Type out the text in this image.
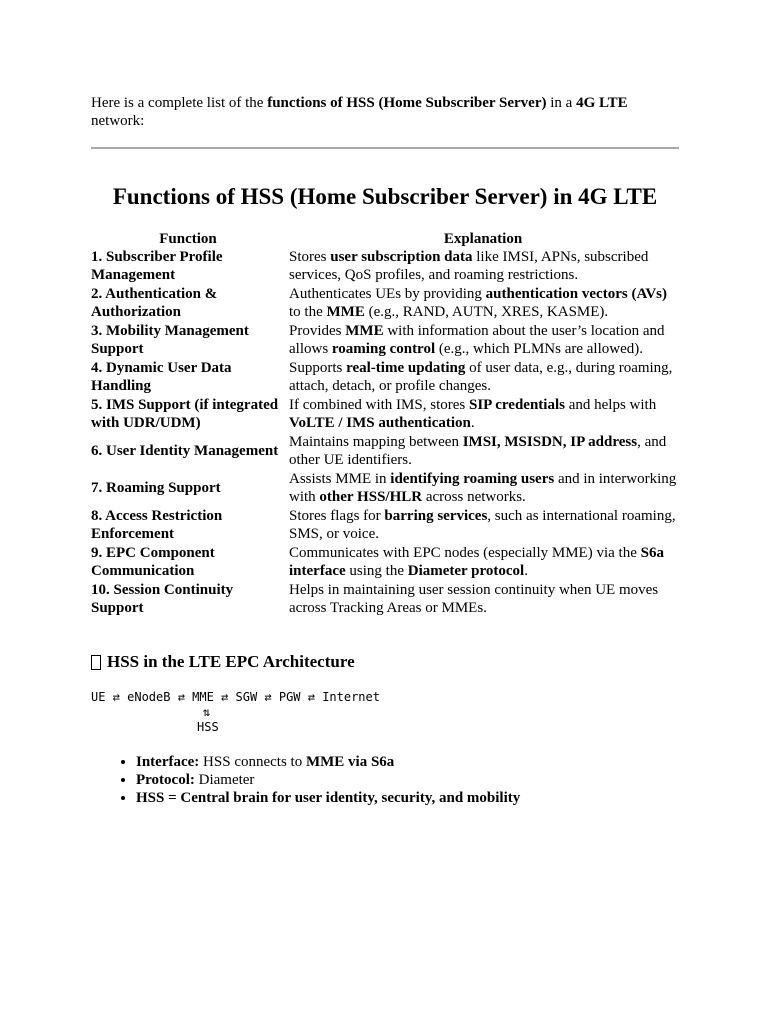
Here is a complete list of the functions of HSS (Home Subscriber Server) in a 4G LTE network:

Functions of HSS (Home Subscriber Server) in 4G LTE
Function	Explanation
1. Subscriber Profile Management	Stores user subscription data like IMSI, APNs, subscribed services, QoS profiles, and roaming restrictions.
2. Authentication & Authorization	Authenticates UEs by providing authentication vectors (AVs) to the MME (e.g., RAND, AUTN, XRES, KASME).
3. Mobility Management Support	Provides MME with information about the user’s location and allows roaming control (e.g., which PLMNs are allowed).
4. Dynamic User Data Handling	Supports real-time updating of user data, e.g., during roaming, attach, detach, or profile changes.
5. IMS Support (if integrated with UDR/UDM)	If combined with IMS, stores SIP credentials and helps with VoLTE / IMS authentication.
6. User Identity Management	Maintains mapping between IMSI, MSISDN, IP address, and other UE identifiers.
7. Roaming Support	Assists MME in identifying roaming users and in interworking with other HSS/HLR across networks.
8. Access Restriction Enforcement	Stores flags for barring services, such as international roaming, SMS, or voice.
9. EPC Component Communication	Communicates with EPC nodes (especially MME) via the S6a interface using the Diameter protocol.
10. Session Continuity Support	Helps in maintaining user session continuity when UE moves across Tracking Areas or MMEs.
HSS in the LTE EPC Architecture
UE ⇄ eNodeB ⇄ MME ⇄ SGW ⇄ PGW ⇄ Internet
⇅
HSS
• Interface: HSS connects to MME via S6a
• Protocol: Diameter
• HSS = Central brain for user identity, security, and mobility
